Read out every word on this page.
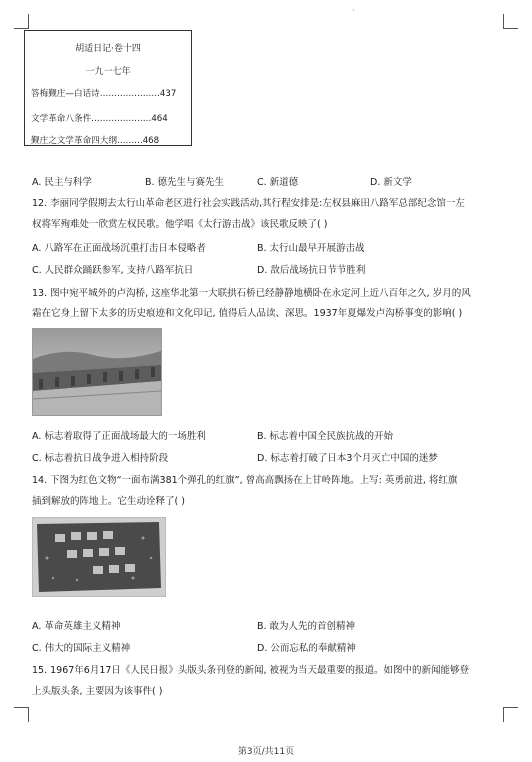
·
胡适日记·卷十四
一九一七年
答梅觐庄—白话诗…………………437
文学革命八条件…………………464
觐庄之文学革命四大纲………468
A. 民主与科学	B. 德先生与赛先生	C. 新道德	D. 新文学
12. 李丽同学假期去太行山革命老区进行社会实践活动,其行程安排是:左权县麻田八路军总部纪念馆一左
权将军殉难处一欣赏左权民歌。他学唱《太行游击战》该民歌反映了( )
A. 八路军在正面战场沉重打击日本侵略者	B. 太行山最早开展游击战
C. 人民群众踊跃参军, 支持八路军抗日	D. 敌后战场抗日节节胜利
13. 图中宛平城外的卢沟桥, 这座华北第一大联拱石桥已经静静地横卧在永定河上近八百年之久, 岁月的风
霜在它身上留下太多的历史痕迹和文化印记, 值得后人品读、深思。1937年夏爆发卢沟桥事变的影响( )
A. 标志着取得了正面战场最大的一场胜利	B. 标志着中国全民族抗战的开始
C. 标志着抗日战争进入相持阶段	D. 标志着打破了日本3个月灭亡中国的迷梦
14. 下图为红色文物“一面布满381个弹孔的红旗”, 曾高高飘扬在上甘岭阵地。上写: 英勇前进, 将红旗
插到解放的阵地上。它生动诠释了( )
A. 革命英雄主义精神	B. 敢为人先的首创精神
C. 伟大的国际主义精神	D. 公而忘私的奉献精神
15. 1967年6月17日《人民日报》头版头条刊登的新闻, 被视为当天最重要的报道。如图中的新闻能够登
上头版头条, 主要因为该事件( )
第3页/共11页
